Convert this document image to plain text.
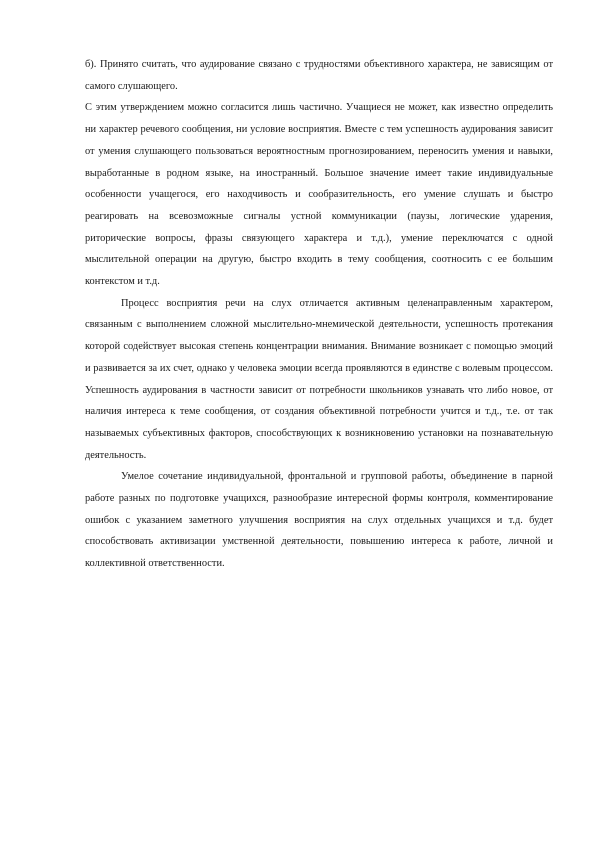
б). Принято считать, что аудирование связано с трудностями объективного характера, не зависящим от самого слушающего.

С этим утверждением можно согласится лишь частично. Учащиеся не может, как известно определить ни характер речевого сообщения, ни условие восприятия. Вместе с тем успешность аудирования зависит от умения слушающего пользоваться вероятностным прогнозированием, переносить умения и навыки, выработанные в родном языке, на иностранный. Большое значение имеет такие индивидуальные особенности учащегося, его находчивость и сообразительность, его умение слушать и быстро реагировать на всевозможные сигналы устной коммуникации (паузы, логические ударения, риторические вопросы, фразы связующего характера и т.д.), умение переключатся с одной мыслительной операции на другую, быстро входить в тему сообщения, соотносить с ее большим контекстом и т.д.

Процесс восприятия речи на слух отличается активным целенаправленным характером, связанным с выполнением сложной мыслительно-мнемической деятельности, успешность протекания которой содействует высокая степень концентрации внимания. Внимание возникает с помощью эмоций и развивается за их счет, однако у человека эмоции всегда проявляются в единстве с волевым процессом. Успешность аудирования в частности зависит от потребности школьников узнавать что либо новое, от наличия интереса к теме сообщения, от создания объективной потребности учится и т.д., т.е. от так называемых субъективных факторов, способствующих к возникновению установки на познавательную деятельность.

Умелое сочетание индивидуальной, фронтальной и групповой работы, объединение в парной работе разных по подготовке учащихся, разнообразие интересной формы контроля, комментирование ошибок с указанием заметного улучшения восприятия на слух отдельных учащихся и т.д. будет способствовать активизации умственной деятельности, повышению интереса к работе, личной и коллективной ответственности.
